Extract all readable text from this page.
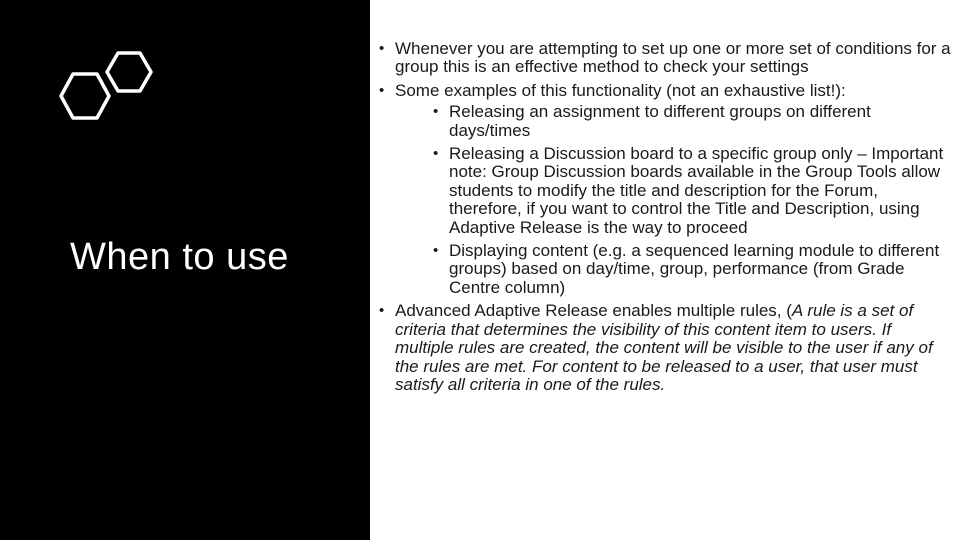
When to use
• Whenever you are attempting to set up one or more set of conditions for a group this is an effective method to check your settings
• Some examples of this functionality (not an exhaustive list!):
• Releasing an assignment to different groups on different days/times
• Releasing a Discussion board to a specific group only – Important note: Group Discussion boards available in the Group Tools allow students to modify the title and description for the Forum, therefore, if you want to control the Title and Description, using Adaptive Release is the way to proceed
• Displaying content (e.g. a sequenced learning module to different groups) based on day/time, group, performance (from Grade Centre column)
• Advanced Adaptive Release enables multiple rules, (A rule is a set of criteria that determines the visibility of this content item to users. If multiple rules are created, the content will be visible to the user if any of the rules are met. For content to be released to a user, that user must satisfy all criteria in one of the rules.
